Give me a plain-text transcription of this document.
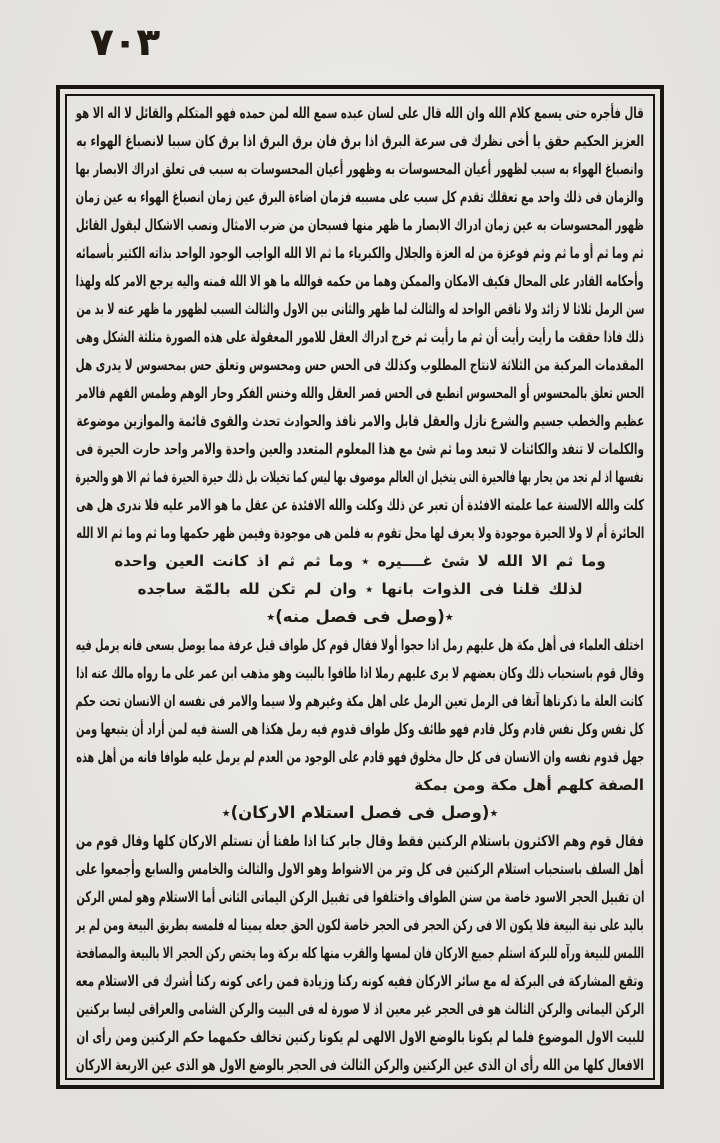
٧٠٣
قال فأجره حتى يسمع كلام الله وان الله قال على لسان عبده سمع الله لمن حمده فهو المتكلم والقائل لا اله الا هو
العزيز الحكيم حقق يا أخى نظرك فى سرعة البرق اذا برق فان برق البرق اذا برق كان سببا لانصباغ الهواء به
وانصباغ الهواء به سبب لظهور أعيان المحسوسات به وظهور أعيان المحسوسات به سبب فى تعلق ادراك الابصار بها
والزمان فى ذلك واحد مع تعقلك تقدم كل سبب على مسببه فزمان اضاءة البرق عين زمان انصباغ الهواء به عين زمان
ظهور المحسوسات به عين زمان ادراك الابصار ما ظهر منها فسبحان من ضرب الامثال ونصب الاشكال ليقول القائل
ثم وما ثم أو ما ثم وثم فوعزة من له العزة والجلال والكبرياء ما ثم الا الله الواجب الوجود الواحد بذاته الكثير بأسمائه
وأحكامه القادر على المحال فكيف الامكان والممكن وهما من حكمه فوالله ما هو الا الله فمنه واليه يرجع الامر كله ولهذا
سن الرمل ثلاثا لا زائد ولا ناقص الواحد له والثالث لما ظهر والثانى بين الاول والثالث السبب لظهور ما ظهر عنه لا بد من
ذلك فاذا حققت ما رأيت رأيت أن ثم ما رأيت ثم خرج ادراك العقل للامور المعقولة على هذه الصورة مثلثة الشكل وهى
المقدمات المركبة من الثلاثة لانتاج المطلوب وكذلك فى الحس حس ومحسوس وتعلق حس بمحسوس لا يدرى هل
الحس تعلق بالمحسوس أو المحسوس انطبع فى الحس قصر العقل والله وخنس الفكر وحار الوهم وطمس الفهم فالامر
عظيم والخطب جسيم والشرع نازل والعقل قابل والامر نافذ والحوادث تحدث والقوى قائمة والموازين موضوعة
والكلمات لا تنفد والكائنات لا تبعد وما ثم شئ مع هذا المعلوم المتعدد والعين واحدة والامر واحد حارت الحيرة فى
نفسها اذ لم تجد من يحار بها فالحيرة التى يتخيل ان العالم موصوف بها ليس كما تخيلات بل ذلك حيرة الحيرة فما ثم الا هو والحيرة
كلت والله الالسنة عما علمته الافئدة أن تعبر عن ذلك وكلت والله الافئدة عن عقل ما هو الامر عليه فلا ندرى هل هى
الحائرة أم لا ولا الحيرة موجودة ولا يعرف لها محل تقوم به فلمن هى موجودة وفيمن ظهر حكمها وما ثم وما ثم الا الله
وما ثم الا الله لا شئ غــــيره ٭ وما ثم ثم اذ كانت العين واحده
لذلك قلنا فى الذوات بانها ٭ وان لم تكن لله بالمّة ساجده
٭(وصل فى فصل منه)٭
اختلف العلماء فى أهل مكة هل عليهم رمل اذا حجوا أولا فقال قوم كل طواف قبل عرفة مما يوصل بسعى فانه يرمل فيه
وقال قوم باستحباب ذلك وكان بعضهم لا يرى عليهم رملا اذا طافوا بالبيت وهو مذهب ابن عمر على ما رواه مالك عنه اذا
كانت العلة ما ذكرناها آنفا فى الرمل تعين الرمل على اهل مكة وغيرهم ولا سيما والامر فى نفسه ان الانسان تحت حكم
كل نفس وكل نفس قادم وكل قادم فهو طائف وكل طواف قدوم فيه رمل هكذا هى السنة فيه لمن أراد أن يتبعها ومن
جهل قدوم نفسه وان الانسان فى كل حال مخلوق فهو قادم على الوجود من العدم لم يرمل عليه طوافا فانه من أهل هذه
الصفة كلهم أهل مكة ومن بمكة
٭(وصل فى فصل استلام الاركان)٭
فقال قوم وهم الاكثرون باستلام الركنين فقط وقال جابر كنا اذا طفنا أن نستلم الاركان كلها وقال قوم من
أهل السلف باستحباب استلام الركنين فى كل وتر من الاشواط وهو الاول والثالث والخامس والسابع وأجمعوا على
ان تقبيل الحجر الاسود خاصة من سنن الطواف واختلفوا فى تقبيل الركن اليمانى الثانى أما الاستلام وهو لمس الركن
باليد على نية البيعة فلا يكون الا فى ركن الحجر فى الحجر خاصة لكون الحق جعله يمينا له فلمسه بطريق البيعة ومن لم ير
اللمس للبيعة ورآه للبركة استلم جميع الاركان فان لمسها والقرب منها كله بركة وما يختص ركن الحجر الا بالبيعة والمصافحة
وتقع المشاركة فى البركة له مع سائر الاركان ففيه كونه ركنا وزيادة فمن راعى كونه ركنا أشرك فى الاستلام معه
الركن اليمانى والركن الثالث هو فى الحجر غير معين اذ لا صورة له فى البيت والركن الشامى والعراقى ليسا بركنين
للبيت الاول الموضوع فلما لم يكونا بالوضع الاول الالهى لم يكونا ركنين تخالف حكمهما حكم الركنين ومن رأى ان
الافعال كلها من الله رأى ان الذى عين الركنين والركن الثالث فى الحجر بالوضع الاول هو الذى عين الاربعة الاركان
